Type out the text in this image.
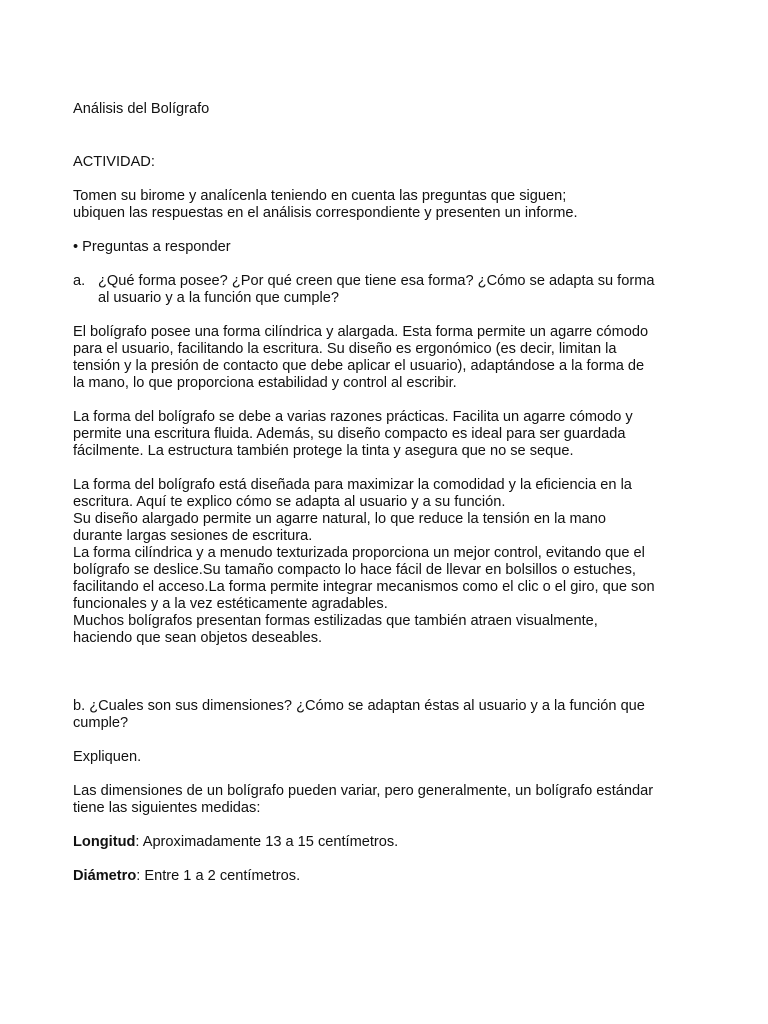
Análisis del Bolígrafo

ACTIVIDAD:

Tomen su birome y analícenla teniendo en cuenta las preguntas que siguen;
ubiquen las respuestas en el análisis correspondiente y presenten un informe.

• Preguntas a responder

a. ¿Qué forma posee? ¿Por qué creen que tiene esa forma? ¿Cómo se adapta su forma
al usuario y a la función que cumple?

El bolígrafo posee una forma cilíndrica y alargada. Esta forma permite un agarre cómodo
para el usuario, facilitando la escritura. Su diseño es ergonómico (es decir, limitan la
tensión y la presión de contacto que debe aplicar el usuario), adaptándose a la forma de
la mano, lo que proporciona estabilidad y control al escribir.

La forma del bolígrafo se debe a varias razones prácticas. Facilita un agarre cómodo y
permite una escritura fluida. Además, su diseño compacto es ideal para ser guardada
fácilmente. La estructura también protege la tinta y asegura que no se seque.

La forma del bolígrafo está diseñada para maximizar la comodidad y la eficiencia en la
escritura. Aquí te explico cómo se adapta al usuario y a su función.
Su diseño alargado permite un agarre natural, lo que reduce la tensión en la mano
durante largas sesiones de escritura.
La forma cilíndrica y a menudo texturizada proporciona un mejor control, evitando que el
bolígrafo se deslice.Su tamaño compacto lo hace fácil de llevar en bolsillos o estuches,
facilitando el acceso.La forma permite integrar mecanismos como el clic o el giro, que son
funcionales y a la vez estéticamente agradables.
Muchos bolígrafos presentan formas estilizadas que también atraen visualmente,
haciendo que sean objetos deseables.

b. ¿Cuales son sus dimensiones? ¿Cómo se adaptan éstas al usuario y a la función que
cumple?

Expliquen.

Las dimensiones de un bolígrafo pueden variar, pero generalmente, un bolígrafo estándar
tiene las siguientes medidas:

Longitud: Aproximadamente 13 a 15 centímetros.

Diámetro: Entre 1 a 2 centímetros.
